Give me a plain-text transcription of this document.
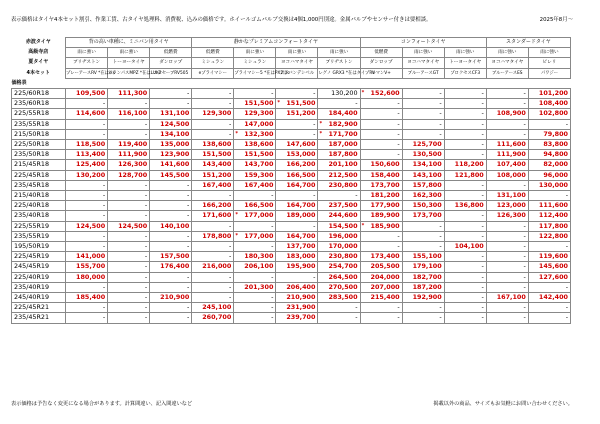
表示価格はタイヤ4本セット割引、作業工賃、古タイヤ処理料、消費税、込みの価格です。ホイールゴムバルブ交換は4個1,000円別途。金属バルブやセンサー付きは要相談。	2025年8月～
赤波タイヤ	背の高い車種に、ミニバン用タイヤ			静かなプレミアムコンフォートタイヤ				コンフォートタイヤ			スタンダードタイヤ	
高級寺店	雨に強い	雨に強い	低燃費	低燃費	雨に強い	雨に強い	雨に強い	低燃費	雨に強い	雨に強い	雨に強い	雨に強い
夏タイヤ	ブリヂストン	トーヨータイヤ	ダンロップ	ミシュラン	ミシュラン	ヨコハマタイヤ	ブリヂストン	ダンロップ	ヨコハマタイヤ	トーヨータイヤ	ヨコハマタイヤ	ピレリ
4本セット	プレーアースRV *在はclx	トランパスMPZ *在はLUK2	エナセーブRV505	eプライマシー	プライマシー5 *在はPX2はc	アドバンデシベル	レグノ GRX3 *在はタイプRV	ルマンV+	ブルーアースGT	プロクセスCF3	ブルーアースES	パワジー
価格表												
225/60R18	109,500	111,300	-	-	-	-	130,200	* 152,600	-	-	-	101,200
235/60R18	-	-	-	-	151,500	* 151,500	-	-	-	-	-	108,400
225/55R18	114,600	116,100	131,100	129,300	129,300	151,200	184,400	-	-	-	108,900	102,800
235/55R18	-	-	124,500	-	147,000	-	* 182,900	-	-	-	-	-
215/50R18	-	-	134,100	-	* 132,300	-	* 171,700	-	-	-	-	79,800
225/50R18	118,500	119,400	135,000	138,600	138,600	147,600	187,000	-	125,700	-	111,600	83,800
235/50R18	113,400	111,900	123,900	151,500	151,500	153,000	187,800	-	130,500	-	111,900	94,800
215/45R18	125,400	126,300	141,600	143,400	143,700	166,200	201,100	150,600	134,100	118,200	107,400	82,000
225/45R18	130,200	128,700	145,500	151,200	159,300	166,500	212,500	158,400	143,100	121,800	108,000	96,000
235/45R18	-	-	-	167,400	167,400	164,700	230,800	173,700	157,800	-	-	130,000
215/40R18	-	-	-	-	-	-	-	181,200	162,300	-	131,100	-
225/40R18	-	-	-	166,200	166,500	164,700	237,500	177,900	150,300	136,800	123,000	111,600
235/40R18	-	-	-	171,600	* 177,000	189,000	244,600	189,900	173,700	-	126,300	112,400
225/55R19	124,500	124,500	140,100	-	-	-	154,500	* 185,900	-	-	-	117,800
235/55R19	-	-	-	178,800	* 177,000	164,700	196,000	-	-	-	-	122,800
195/50R19	-	-	-	-	-	137,700	170,000	-	-	104,100	-	-
225/45R19	141,000	-	157,500	-	180,300	183,000	230,800	173,400	155,100	-	-	119,600
245/45R19	155,700	-	176,400	216,000	206,100	195,900	254,700	205,500	179,100	-	-	145,600
225/40R19	180,000	-	-	-	-	-	264,500	204,000	182,700	-	-	127,600
235/40R19	-	-	-	-	201,300	206,400	270,500	207,000	187,200	-	-	-
245/40R19	185,400	-	210,900	-	-	210,900	283,500	215,400	192,900	-	167,100	142,400
225/45R21	-	-	-	245,100	-	231,900	-	-	-	-	-	-
235/45R21	-	-	-	260,700	-	239,700	-	-	-	-	-	-
表示価格は予告なく変更になる場合があります。計算間違い、記入間違いなど	掲載以外の商品、サイズもお気軽にお問い合わせください。
